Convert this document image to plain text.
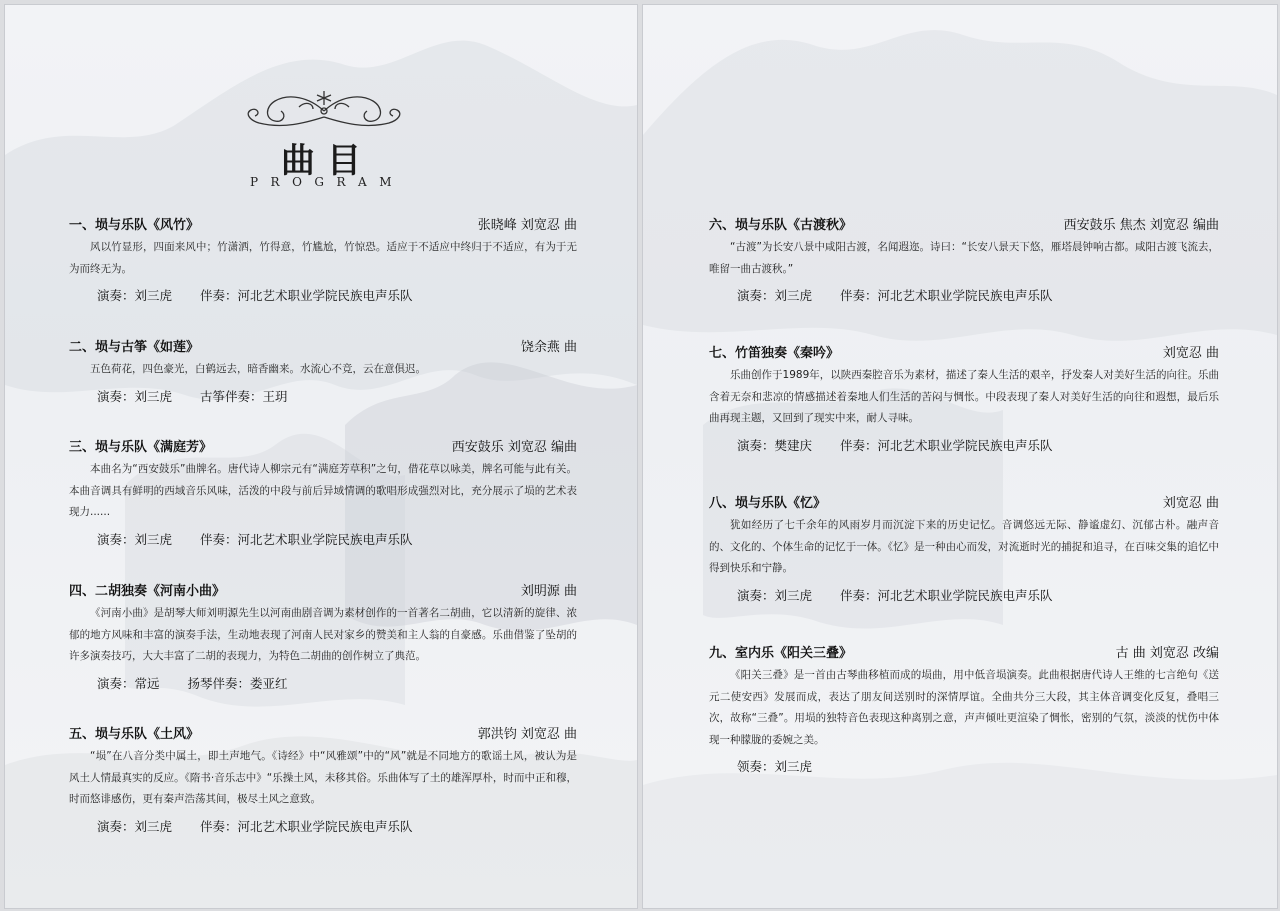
曲目
PROGRAM
一、埙与乐队《风竹》	张晓峰 刘宽忍 曲
风以竹显形，四面来风中；竹潇洒，竹得意，竹尴尬，竹惊恐。适应于不适应中终归于不适应，有为于无为而终无为。
演奏：刘三虎 伴奏：河北艺术职业学院民族电声乐队
二、埙与古筝《如莲》	饶余燕 曲
五色荷花，四色豪光，白鹤远去，暗香幽来。水流心不竞，云在意俱迟。
演奏：刘三虎 古筝伴奏：王玥
三、埙与乐队《满庭芳》	西安鼓乐 刘宽忍 编曲
本曲名为“西安鼓乐”曲牌名。唐代诗人柳宗元有“满庭芳草积”之句，借花草以咏美，牌名可能与此有关。本曲音调具有鲜明的西域音乐风味，活泼的中段与前后异域情调的歌唱形成强烈对比，充分展示了埙的艺术表现力......
演奏：刘三虎 伴奏：河北艺术职业学院民族电声乐队
四、二胡独奏《河南小曲》	刘明源 曲
《河南小曲》是胡琴大师刘明源先生以河南曲剧音调为素材创作的一首著名二胡曲，它以清新的旋律、浓郁的地方风味和丰富的演奏手法，生动地表现了河南人民对家乡的赞美和主人翁的自豪感。乐曲借鉴了坠胡的许多演奏技巧，大大丰富了二胡的表现力，为特色二胡曲的创作树立了典范。
演奏：常远 扬琴伴奏：娄亚红
五、埙与乐队《土风》	郭洪钧 刘宽忍 曲
“埙”在八音分类中属土，即土声地气。《诗经》中“风雅颂”中的“风”就是不同地方的歌谣土风，被认为是风土人情最真实的反应。《隋书·音乐志中》“乐操土风，未移其俗。乐曲体写了土的雄浑厚朴，时而中正和穆，时而悠诽感伤，更有秦声浩荡其间，极尽土风之意致。
演奏：刘三虎 伴奏：河北艺术职业学院民族电声乐队
六、埙与乐队《古渡秋》	西安鼓乐 焦杰 刘宽忍 编曲
“古渡”为长安八景中咸阳古渡，名闻遐迩。诗曰：“长安八景天下悠，雁塔晨钟响古都。咸阳古渡飞流去，唯留一曲古渡秋。”
演奏：刘三虎 伴奏：河北艺术职业学院民族电声乐队
七、竹笛独奏《秦吟》	刘宽忍 曲
乐曲创作于1989年，以陕西秦腔音乐为素材，描述了秦人生活的艰辛，抒发秦人对美好生活的向往。乐曲含着无奈和悲凉的情感描述着秦地人们生活的苦闷与惆怅。中段表现了秦人对美好生活的向往和遐想，最后乐曲再现主题，又回到了现实中来，耐人寻味。
演奏：樊建庆 伴奏：河北艺术职业学院民族电声乐队
八、埙与乐队《忆》	刘宽忍 曲
犹如经历了七千余年的风雨岁月而沉淀下来的历史记忆。音调悠远无际、静谧虚幻、沉郁古朴。融声音的、文化的、个体生命的记忆于一体。《忆》是一种由心而发，对流逝时光的捕捉和追寻，在百味交集的追忆中得到快乐和宁静。
演奏：刘三虎 伴奏：河北艺术职业学院民族电声乐队
九、室内乐《阳关三叠》	古 曲 刘宽忍 改编
《阳关三叠》是一首由古琴曲移植而成的埙曲，用中低音埙演奏。此曲根据唐代诗人王维的七言绝句《送元二使安西》发展而成，表达了朋友间送别时的深情厚谊。全曲共分三大段，其主体音调变化反复，叠唱三次，故称“三叠”。用埙的独特音色表现这种离别之意，声声倾吐更渲染了惆怅，密别的气氛，淡淡的忧伤中体现一种朦胧的委婉之美。
领奏：刘三虎
